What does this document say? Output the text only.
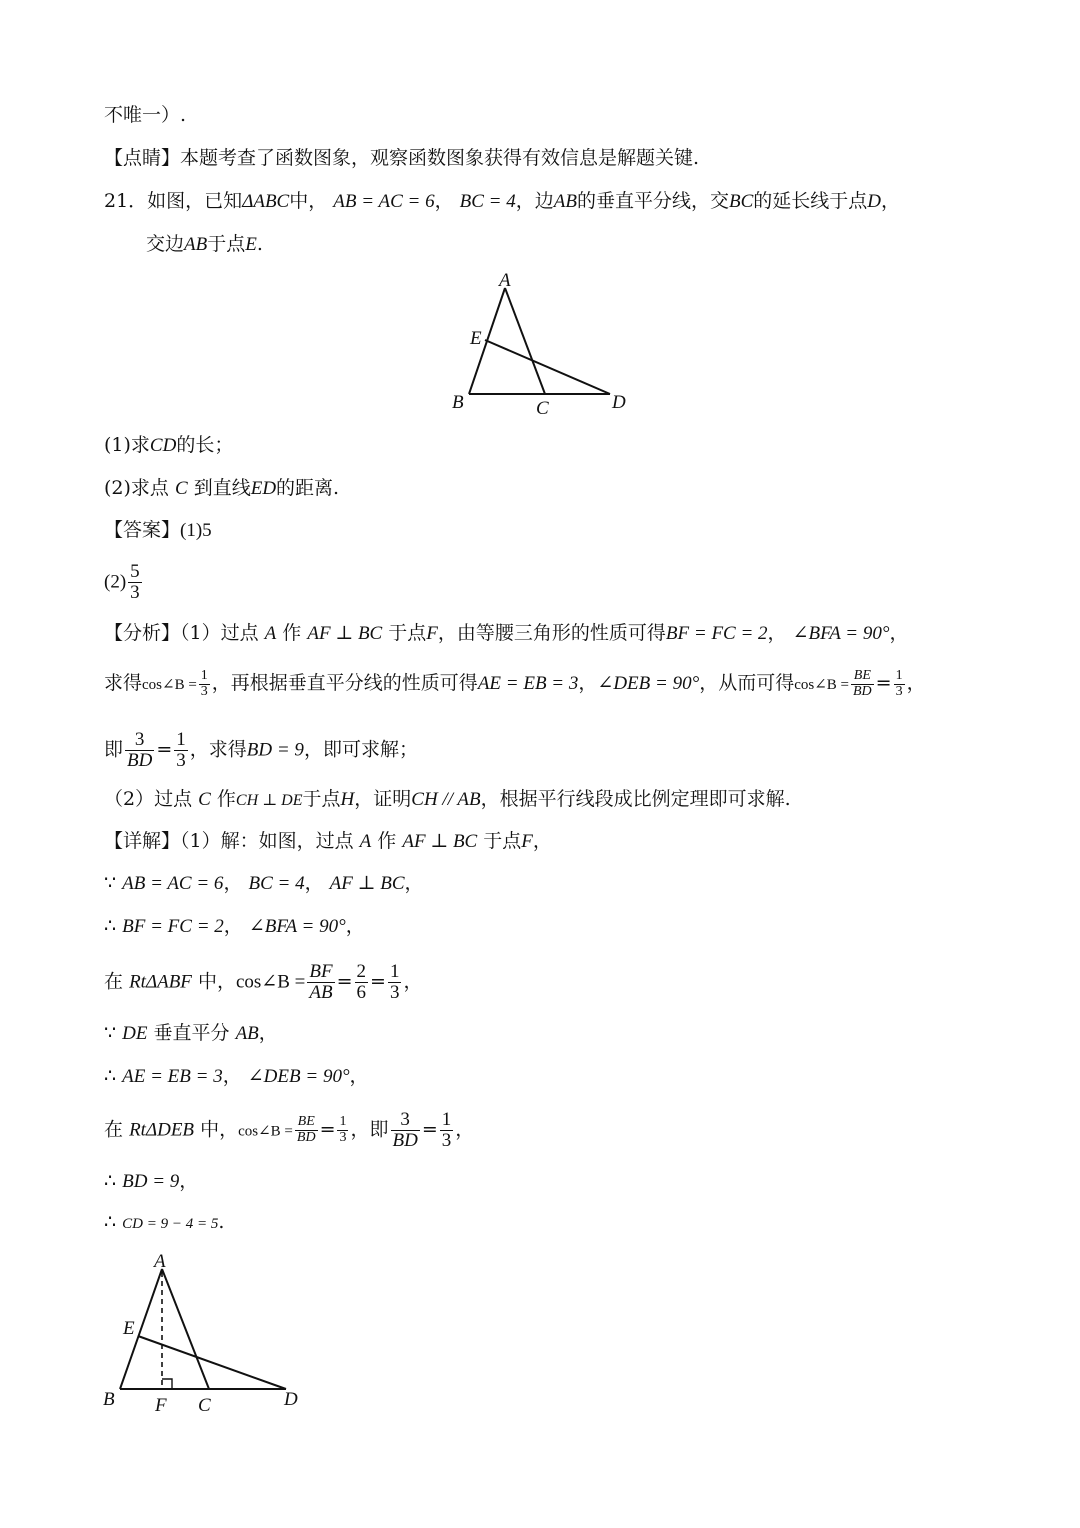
不唯一）.
【点睛】本题考查了函数图象，观察函数图象获得有效信息是解题关键.
21．如图，已知ΔABC中， AB = AC = 6， BC = 4，边AB的垂直平分线，交BC的延长线于点D，
交边AB于点E.
A
E
B	C	D
(1)求CD的长；
(2)求点 C 到直线ED的距离.
【答案】(1)5
$(2) \frac{5}{3}$
【分析】（1）过点 A 作 AF ⊥ BC 于点F，由等腰三角形的性质可得BF = FC = 2， ∠BFA = 90°，
求得cos∠B = $\frac{1}{3}$ ，再根据垂直平分线的性质可得AE = EB = 3，∠DEB = 90°，从而可得cos∠B = $\frac{BE}{BD} = \frac{1}{3}$ ，
即 $\frac{3}{BD} = \frac{1}{3}$ ，求得BD = 9，即可求解；
（2）过点 C 作CH ⊥ DE于点H，证明CH // AB，根据平行线段成比例定理即可求解.
【详解】（1）解：如图，过点 A 作 AF ⊥ BC 于点F，
∵ AB = AC = 6， BC = 4， AF ⊥ BC，
∴ BF = FC = 2， ∠BFA = 90°，
在 RtΔABF 中，cos∠B = $\frac{BF}{AB} = \frac{2}{6} = \frac{1}{3}$ ，
∵ DE 垂直平分 AB，
∴ AE = EB = 3， ∠DEB = 90°，
在 RtΔDEB 中，cos∠B = $\frac{BE}{BD} = \frac{1}{3}$ ，即 $\frac{3}{BD} = \frac{1}{3}$ ，
∴ BD = 9，
∴ CD = 9 − 4 = 5.
A
E
B F C	D
